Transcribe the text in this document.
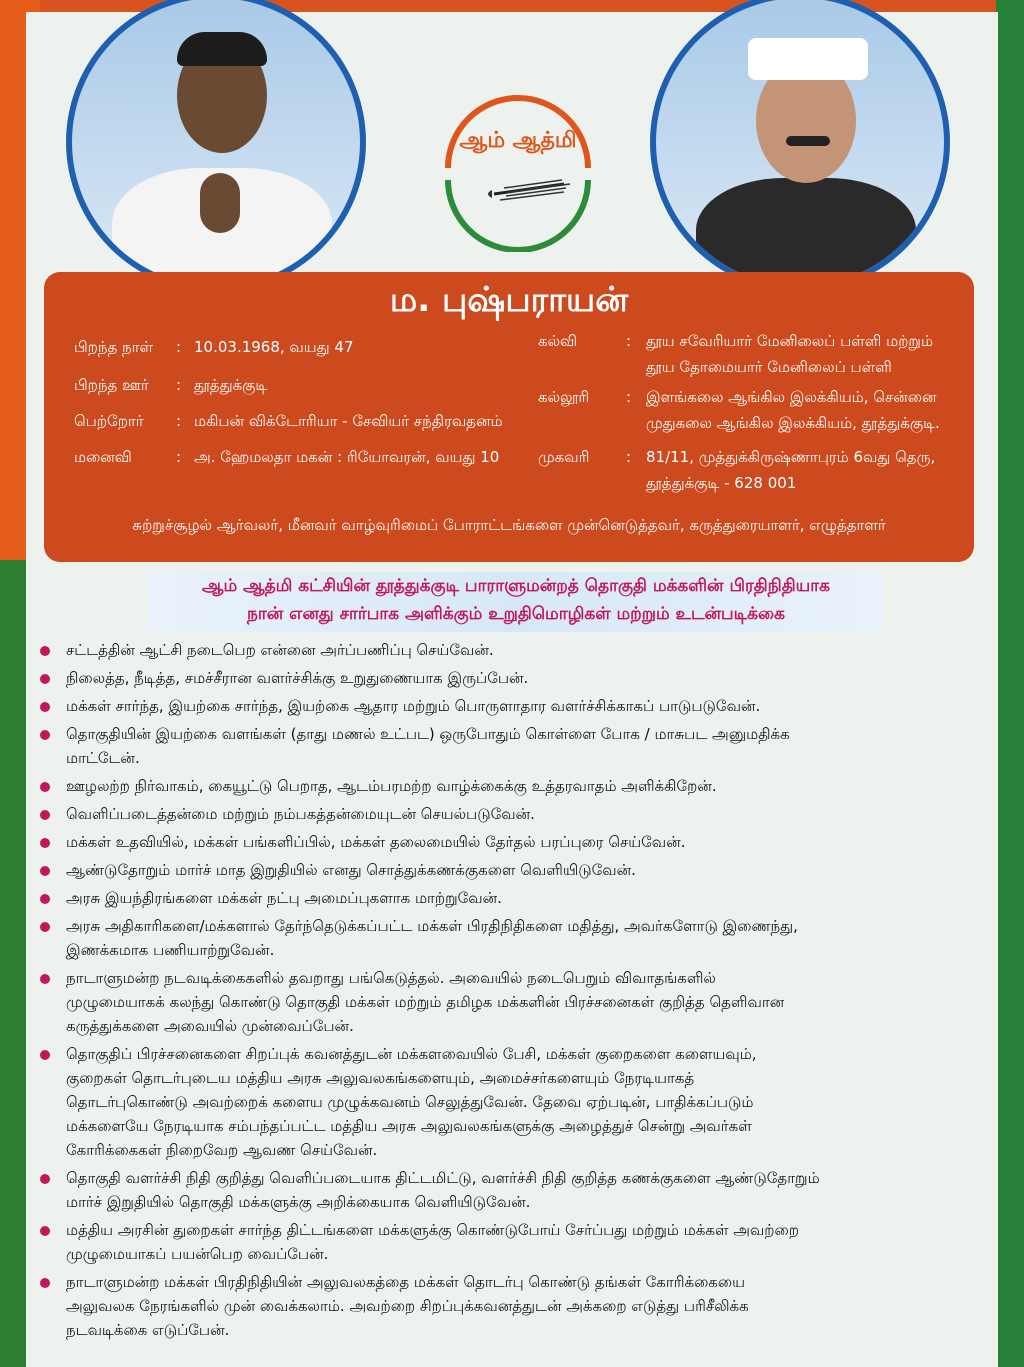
ஆம் ஆத்மி
ம. புஷ்பராயன்
பிறந்த நாள் : 10.03.1968, வயது 47
பிறந்த ஊர் : தூத்துக்குடி
பெற்றோர் : மகிபன் விக்டோரியா - சேவியர் சந்திரவதனம்
மனைவி	: அ. ஹேமலதா மகன் : ரியோவரன், வயது 10
கல்வி	: தூய சவேரியார் மேனிலைப் பள்ளி மற்றும்
தூய தோமையார் மேனிலைப் பள்ளி
கல்லூரி : இளங்கலை ஆங்கில இலக்கியம், சென்னை
முதுகலை ஆங்கில இலக்கியம், தூத்துக்குடி.
முகவரி : 81/11, முத்துக்கிருஷ்ணாபுரம் 6வது தெரு,
தூத்துக்குடி - 628 001
சுற்றுச்சூழல் ஆர்வலர், மீனவர் வாழ்வுரிமைப் போராட்டங்களை முன்னெடுத்தவர், கருத்துரையாளர், எழுத்தாளர்
ஆம் ஆத்மி கட்சியின் தூத்துக்குடி பாராளுமன்றத் தொகுதி மக்களின் பிரதிநிதியாக
நான் எனது சார்பாக அளிக்கும் உறுதிமொழிகள் மற்றும் உடன்படிக்கை
சட்டத்தின் ஆட்சி நடைபெற என்னை அர்ப்பணிப்பு செய்வேன்.
நிலைத்த, நீடித்த, சமச்சீரான வளர்ச்சிக்கு உறுதுணையாக இருப்பேன்.
மக்கள் சார்ந்த, இயற்கை சார்ந்த, இயற்கை ஆதார மற்றும் பொருளாதார வளர்ச்சிக்காகப் பாடுபடுவேன்.
தொகுதியின் இயற்கை வளங்கள் (தாது மணல் உட்பட) ஒருபோதும் கொள்ளை போக / மாசுபட அனுமதிக்க
மாட்டேன்.
ஊழலற்ற நிர்வாகம், கையூட்டு பெறாத, ஆடம்பரமற்ற வாழ்க்கைக்கு உத்தரவாதம் அளிக்கிறேன்.
வெளிப்படைத்தன்மை மற்றும் நம்பகத்தன்மையுடன் செயல்படுவேன்.
மக்கள் உதவியில், மக்கள் பங்களிப்பில், மக்கள் தலைமையில் தேர்தல் பரப்புரை செய்வேன்.
ஆண்டுதோறும் மார்ச் மாத இறுதியில் எனது சொத்துக்கணக்குகளை வெளியிடுவேன்.
அரசு இயந்திரங்களை மக்கள் நட்பு அமைப்புகளாக மாற்றுவேன்.
அரசு அதிகாரிகளை/மக்களால் தேர்ந்தெடுக்கப்பட்ட மக்கள் பிரதிநிதிகளை மதித்து, அவர்களோடு இணைந்து,
இணக்கமாக பணியாற்றுவேன்.
நாடாளுமன்ற நடவடிக்கைகளில் தவறாது பங்கெடுத்தல். அவையில் நடைபெறும் விவாதங்களில்
முழுமையாகக் கலந்து கொண்டு தொகுதி மக்கள் மற்றும் தமிழக மக்களின் பிரச்சனைகள் குறித்த தெளிவான
கருத்துக்களை அவையில் முன்வைப்பேன்.
தொகுதிப் பிரச்சனைகளை சிறப்புக் கவனத்துடன் மக்களவையில் பேசி, மக்கள் குறைகளை களையவும்,
குறைகள் தொடர்புடைய மத்திய அரசு அலுவலகங்களையும், அமைச்சர்களையும் நேரடியாகத்
தொடர்புகொண்டு அவற்றைக் களைய முழுக்கவனம் செலுத்துவேன். தேவை ஏற்படின், பாதிக்கப்படும்
மக்களையே நேரடியாக சம்பந்தப்பட்ட மத்திய அரசு அலுவலகங்களுக்கு அழைத்துச் சென்று அவர்கள்
கோரிக்கைகள் நிறைவேற ஆவண செய்வேன்.
தொகுதி வளர்ச்சி நிதி குறித்து வெளிப்படையாக திட்டமிட்டு, வளர்ச்சி நிதி குறித்த கணக்குகளை ஆண்டுதோறும்
மார்ச் இறுதியில் தொகுதி மக்களுக்கு அறிக்கையாக வெளியிடுவேன்.
மத்திய அரசின் துறைகள் சார்ந்த திட்டங்களை மக்களுக்கு கொண்டுபோய் சேர்ப்பது மற்றும் மக்கள் அவற்றை
முழுமையாகப் பயன்பெற வைப்பேன்.
நாடாளுமன்ற மக்கள் பிரதிநிதியின் அலுவலகத்தை மக்கள் தொடர்பு கொண்டு தங்கள் கோரிக்கையை
அலுவலக நேரங்களில் முன் வைக்கலாம். அவற்றை சிறப்புக்கவனத்துடன் அக்கறை எடுத்து பரிசீலிக்க
நடவடிக்கை எடுப்பேன்.
